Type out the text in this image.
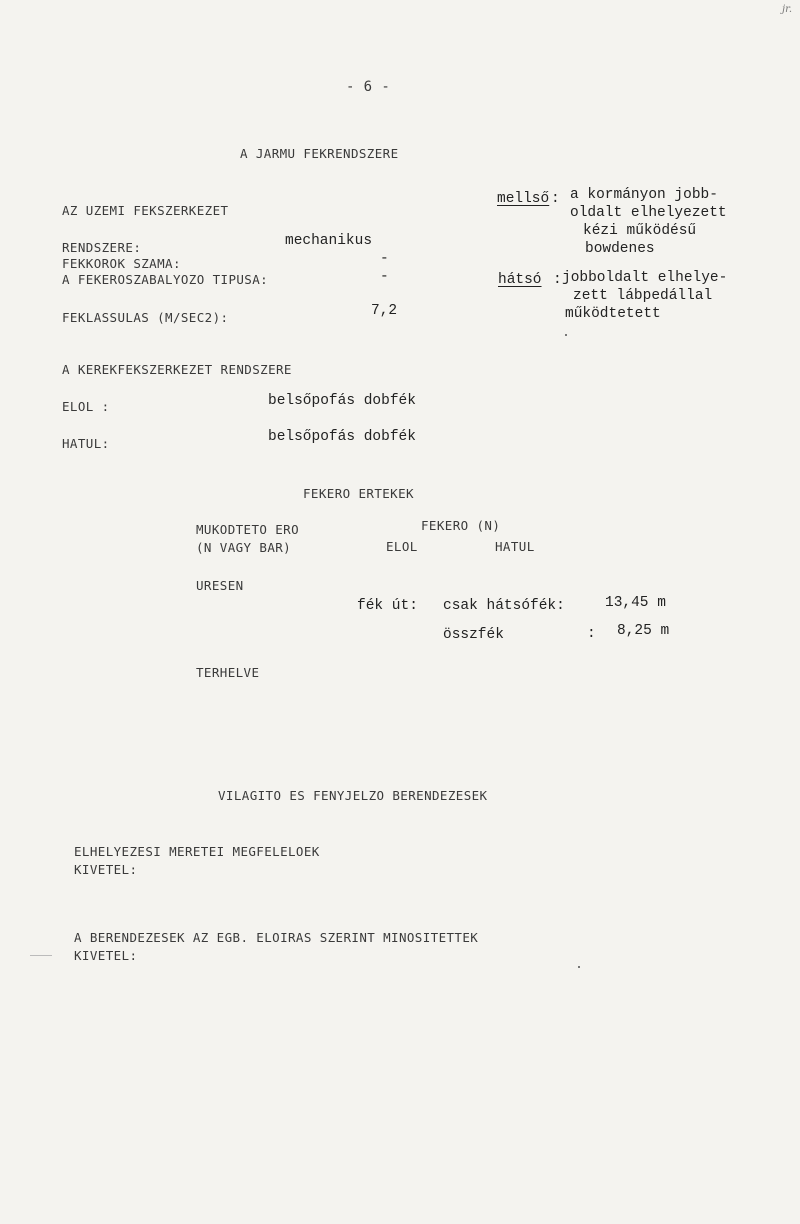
jr.
- 6 -
A JARMU FEKRENDSZERE
AZ UZEMI FEKSZERKEZET
RENDSZERE:	mechanikus
FEKKOROK SZAMA:	-
A FEKEROSZABALYOZO TIPUSA:	-
FEKLASSULAS (M/SEC2):	7,2
mellső : a kormányon jobb-
oldalt elhelyezett
kézi működésű
bowdenes
hátsó : jobboldalt elhelye-
zett lábpedállal
működtetett
A KEREKFEKSZERKEZET RENDSZERE
ELOL :	belsőpofás dobfék
HATUL:	belsőpofás dobfék
FEKERO ERTEKEK
MUKODTETO ERO
(N VAGY BAR)
FEKERO (N)
ELOL	HATUL
URESEN
fék út: csak hátsófék:	13,45 m
összfék	: 8,25 m
TERHELVE
VILAGITO ES FENYJELZO BERENDEZESEK
ELHELYEZESI MERETEI MEGFELELOEK
KIVETEL:
A BERENDEZESEK AZ EGB. ELOIRAS SZERINT MINOSITETTEK
KIVETEL:
